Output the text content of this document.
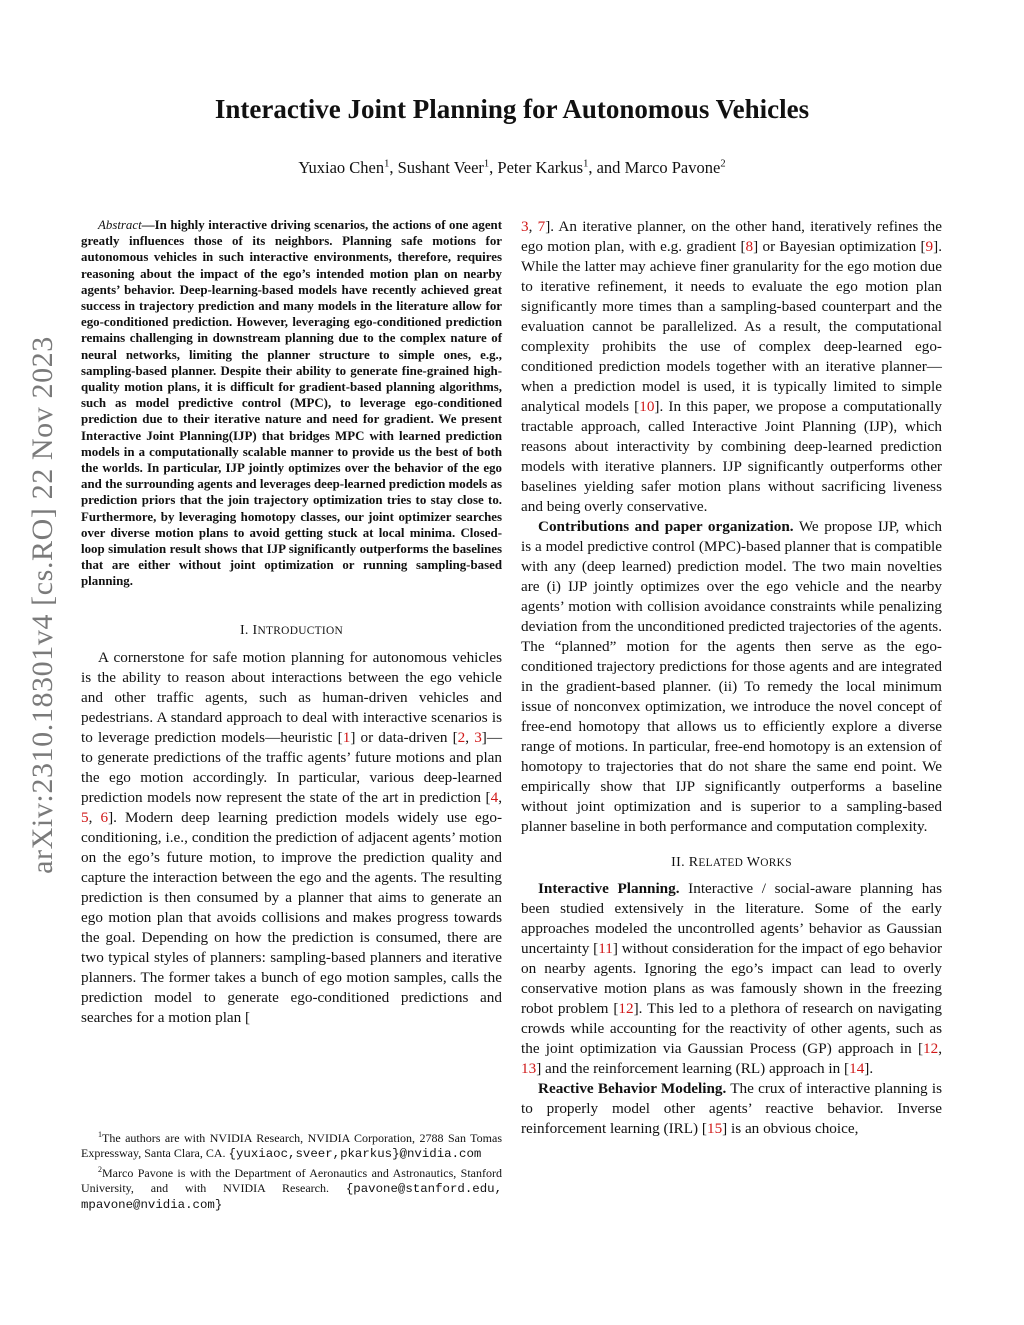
arXiv:2310.18301v4 [cs.RO] 22 Nov 2023
Interactive Joint Planning for Autonomous Vehicles
Yuxiao Chen$^1$, Sushant Veer$^1$, Peter Karkus$^1$, and Marco Pavone$^2$

Abstract—In highly interactive driving scenarios, the actions of one agent greatly influences those of its neighbors. Planning safe motions for autonomous vehicles in such interactive environments, therefore, requires reasoning about the impact of the ego’s intended motion plan on nearby agents’ behavior. Deep-learning-based models have recently achieved great success in trajectory prediction and many models in the literature allow for ego-conditioned prediction. However, leveraging ego-conditioned prediction remains challenging in downstream planning due to the complex nature of neural networks, limiting the planner structure to simple ones, e.g., sampling-based planner. Despite their ability to generate fine-grained high-quality motion plans, it is difficult for gradient-based planning algorithms, such as model predictive control (MPC), to leverage ego-conditioned prediction due to their iterative nature and need for gradient. We present Interactive Joint Planning(IJP) that bridges MPC with learned prediction models in a computationally scalable manner to provide us the best of both the worlds. In particular, IJP jointly optimizes over the behavior of the ego and the surrounding agents and leverages deep-learned prediction models as prediction priors that the join trajectory optimization tries to stay close to. Furthermore, by leveraging homotopy classes, our joint optimizer searches over diverse motion plans to avoid getting stuck at local minima. Closed-loop simulation result shows that IJP significantly outperforms the baselines that are either without joint optimization or running sampling-based planning.

I. INTRODUCTION

A cornerstone for safe motion planning for autonomous vehicles is the ability to reason about interactions between the ego vehicle and other traffic agents, such as human-driven vehicles and pedestrians. A standard approach to deal with interactive scenarios is to leverage prediction models—heuristic [1] or data-driven [2, 3]—to generate predictions of the traffic agents’ future motions and plan the ego motion accordingly. In particular, various deep-learned prediction models now represent the state of the art in prediction [4, 5, 6]. Modern deep learning prediction models widely use ego-conditioning, i.e., condition the prediction of adjacent agents’ motion on the ego’s future motion, to improve the prediction quality and capture the interaction between the ego and the agents. The resulting prediction is then consumed by a planner that aims to generate an ego motion plan that avoids collisions and makes progress towards the goal. Depending on how the prediction is consumed, there are two typical styles of planners: sampling-based planners and iterative planners. The former takes a bunch of ego motion samples, calls the prediction model to generate ego-conditioned predictions and searches for a motion plan [

$^1$The authors are with NVIDIA Research, NVIDIA Corporation, 2788 San Tomas Expressway, Santa Clara, CA. {yuxiaoc,sveer,pkarkus}@nvidia.com

$^2$Marco Pavone is with the Department of Aeronautics and Astronautics, Stanford University, and with NVIDIA Research. {pavone@stanford.edu, mpavone@nvidia.com}

3, 7]. An iterative planner, on the other hand, iteratively refines the ego motion plan, with e.g. gradient [8] or Bayesian optimization [9]. While the latter may achieve finer granularity for the ego motion due to iterative refinement, it needs to evaluate the ego motion plan significantly more times than a sampling-based counterpart and the evaluation cannot be parallelized. As a result, the computational complexity prohibits the use of complex deep-learned ego-conditioned prediction models together with an iterative planner—when a prediction model is used, it is typically limited to simple analytical models [10]. In this paper, we propose a computationally tractable approach, called Interactive Joint Planning (IJP), which reasons about interactivity by combining deep-learned prediction models with iterative planners. IJP significantly outperforms other baselines yielding safer motion plans without sacrificing liveness and being overly conservative.

Contributions and paper organization. We propose IJP, which is a model predictive control (MPC)-based planner that is compatible with any (deep learned) prediction model. The two main novelties are (i) IJP jointly optimizes over the ego vehicle and the nearby agents’ motion with collision avoidance constraints while penalizing deviation from the unconditioned predicted trajectories of the agents. The “planned” motion for the agents then serve as the ego-conditioned trajectory predictions for those agents and are integrated in the gradient-based planner. (ii) To remedy the local minimum issue of nonconvex optimization, we introduce the novel concept of free-end homotopy that allows us to efficiently explore a diverse range of motions. In particular, free-end homotopy is an extension of homotopy to trajectories that do not share the same end point. We empirically show that IJP significantly outperforms a baseline without joint optimization and is superior to a sampling-based planner baseline in both performance and computation complexity.

II. RELATED WORKS

Interactive Planning. Interactive / social-aware planning has been studied extensively in the literature. Some of the early approaches modeled the uncontrolled agents’ behavior as Gaussian uncertainty [11] without consideration for the impact of ego behavior on nearby agents. Ignoring the ego’s impact can lead to overly conservative motion plans as was famously shown in the freezing robot problem [12]. This led to a plethora of research on navigating crowds while accounting for the reactivity of other agents, such as the joint optimization via Gaussian Process (GP) approach in [12, 13] and the reinforcement learning (RL) approach in [14].

Reactive Behavior Modeling. The crux of interactive planning is to properly model other agents’ reactive behavior. Inverse reinforcement learning (IRL) [15] is an obvious choice,
